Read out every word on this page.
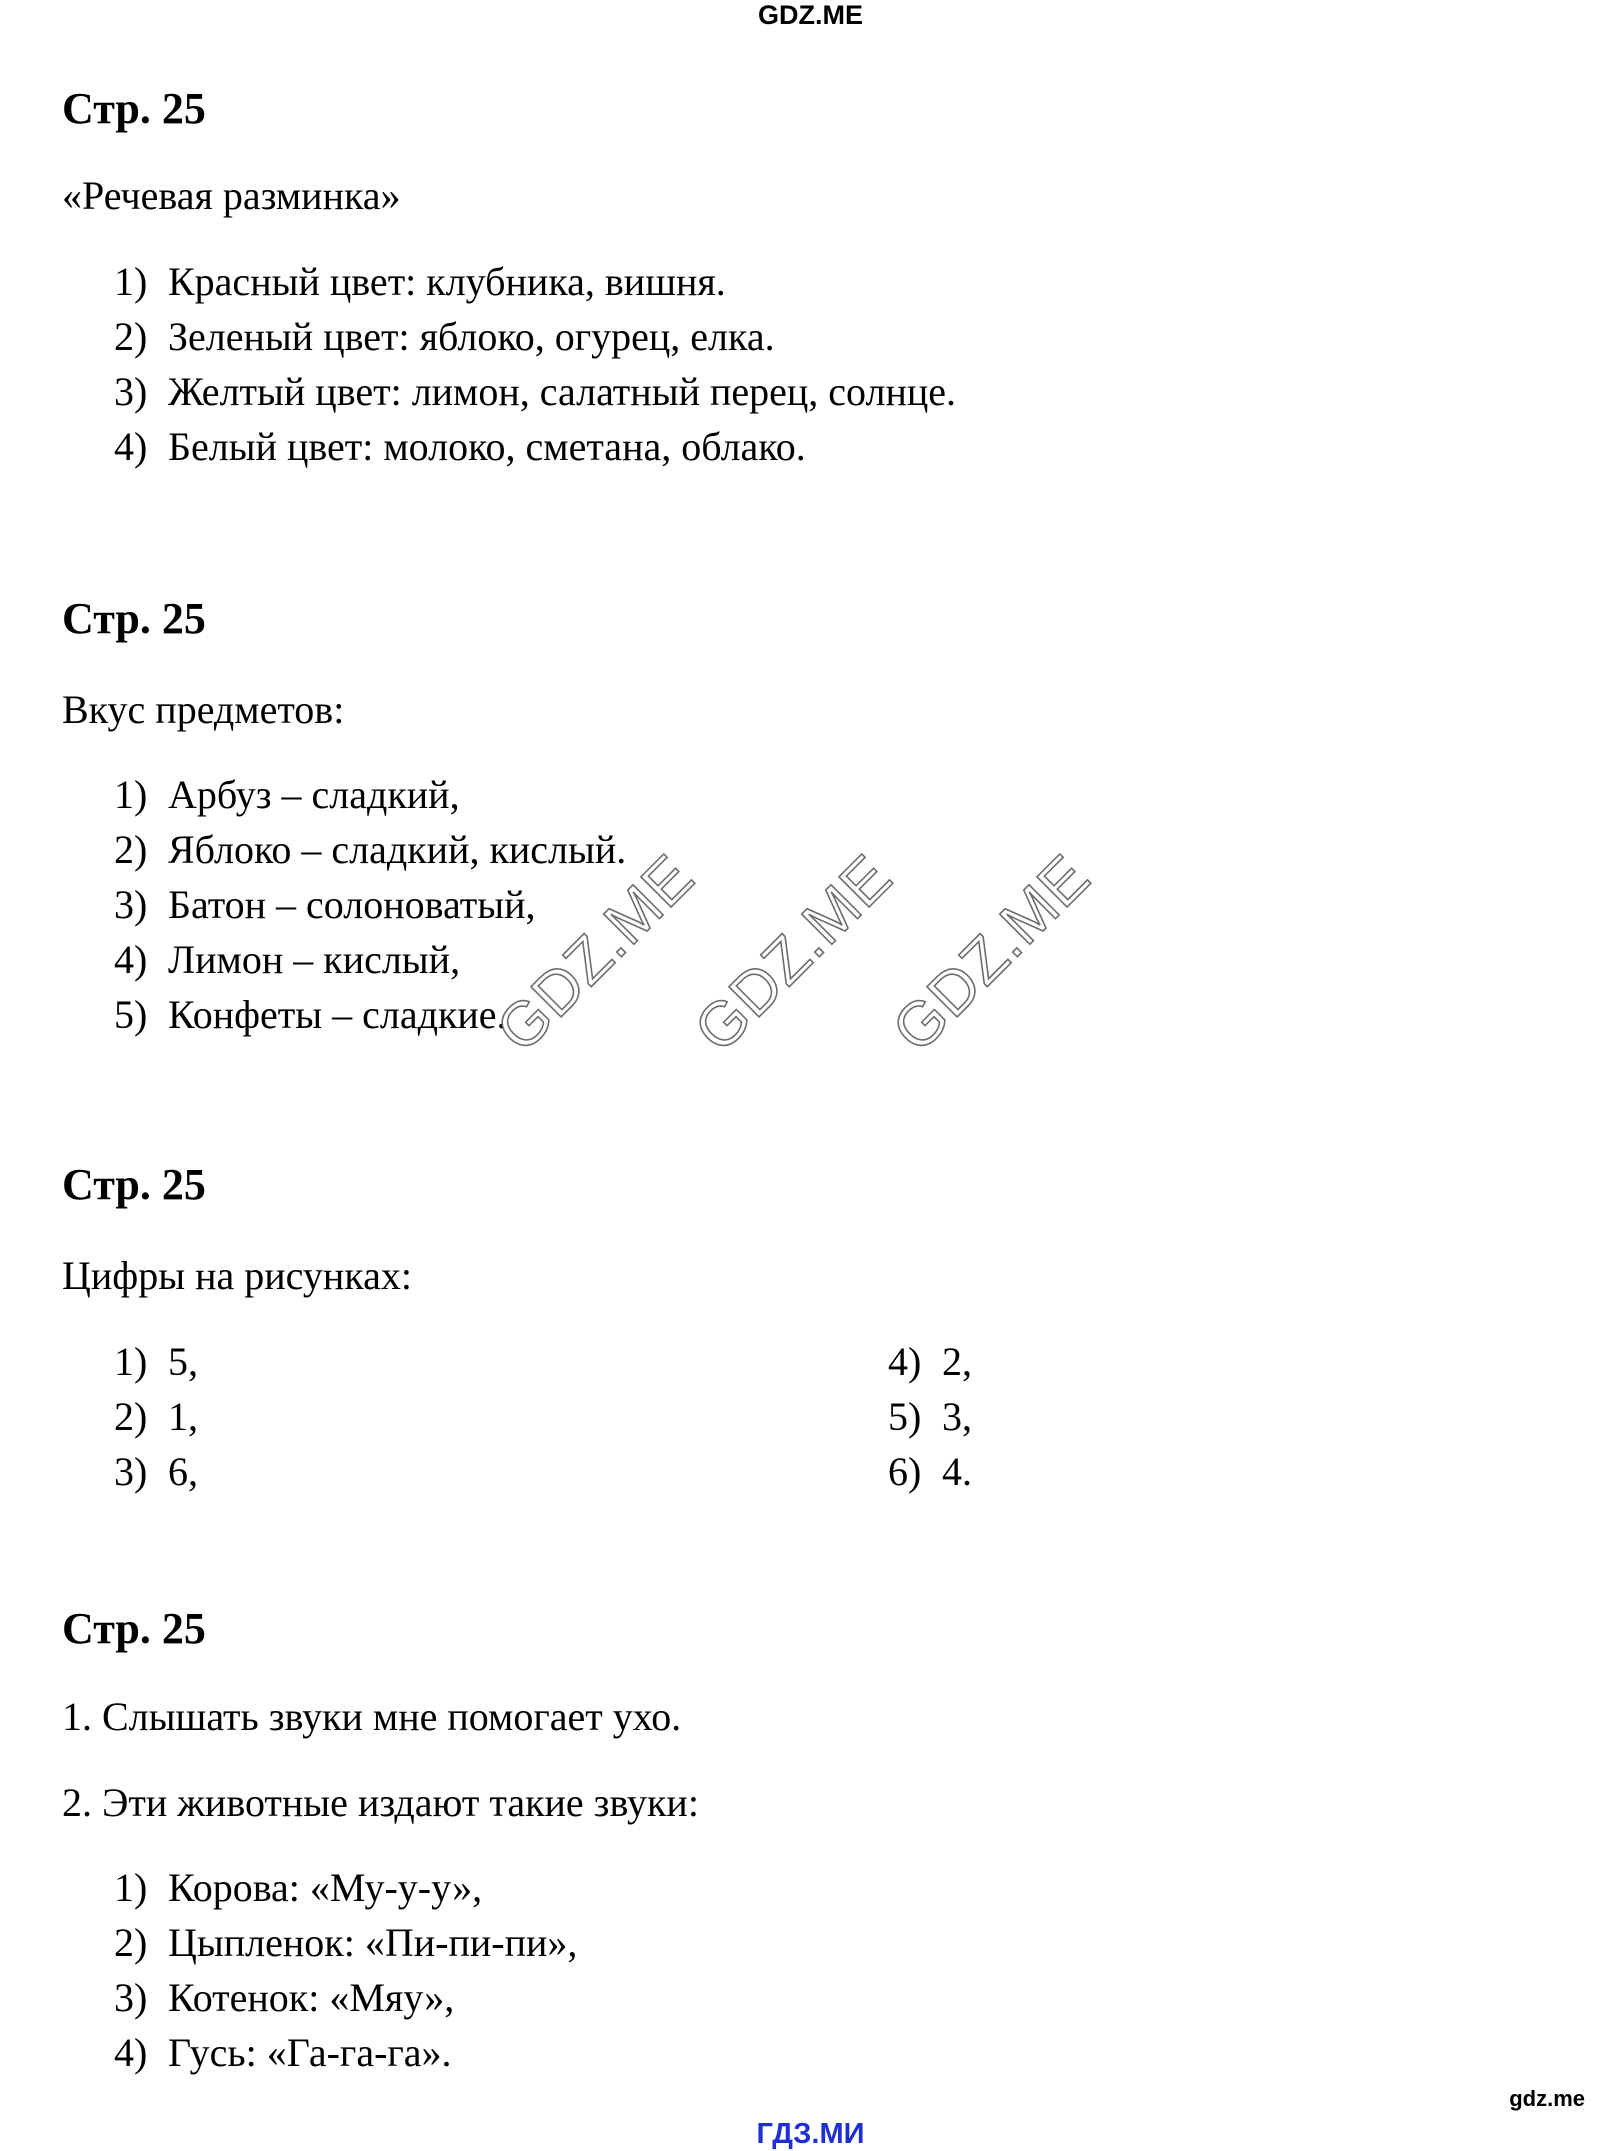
GDZ.ME
Стр. 25

«Речевая разминка»

1) Красный цвет: клубника, вишня.
2) Зеленый цвет: яблоко, огурец, елка.
3) Желтый цвет: лимон, салатный перец, солнце.
4) Белый цвет: молоко, сметана, облако.
Стр. 25

Вкус предметов:

1) Арбуз – сладкий,
2) Яблоко – сладкий, кислый.
3) Батон – солоноватый,
4) Лимон – кислый,
5) Конфеты – сладкие.
GDZ.ME
GDZ.ME
GDZ.ME
Стр. 25

Цифры на рисунках:

1) 5,
2) 1,
3) 6,
4) 2,
5) 3,
6) 4.
Стр. 25

1. Слышать звуки мне помогает ухо.

2. Эти животные издают такие звуки:

1) Корова: «Му-у-у»,
2) Цыпленок: «Пи-пи-пи»,
3) Котенок: «Мяу»,
4) Гусь: «Га-га-га».
gdz.me
ГДЗ.МИ
